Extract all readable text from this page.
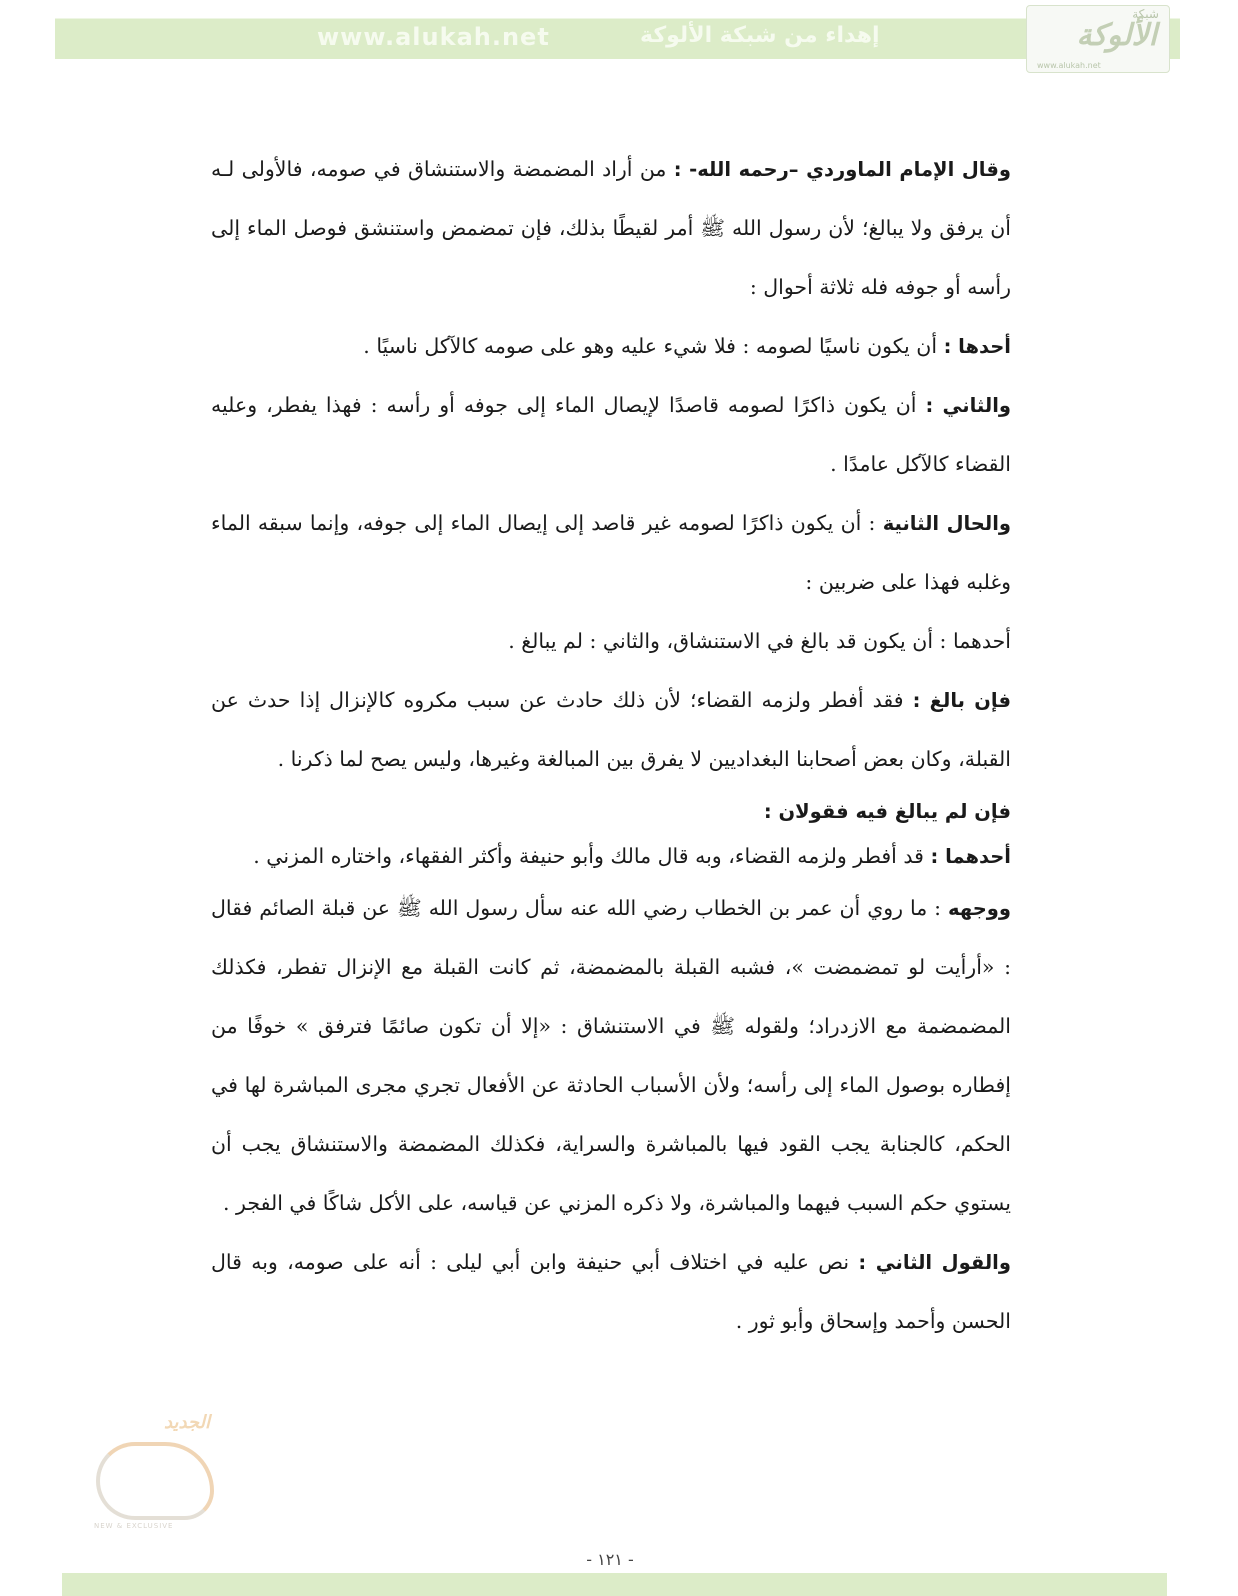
www.alukah.net	إهداء من شبكة الألوكة
شبكة
الألوكة
www.alukah.net

وقال الإمام الماوردي –رحمه الله- : من أراد المضمضة والاستنشاق في صومه، فالأولى لـه أن يرفق ولا يبالغ؛ لأن رسول الله ﷺ أمر لقيطًا بذلك، فإن تمضمض واستنشق فوصل الماء إلى رأسه أو جوفه فله ثلاثة أحوال :

أحدها : أن يكون ناسيًا لصومه : فلا شيء عليه وهو على صومه كالآكل ناسيًا .

والثاني : أن يكون ذاكرًا لصومه قاصدًا لإيصال الماء إلى جوفه أو رأسه : فهذا يفطر، وعليه القضاء كالآكل عامدًا .

والحال الثانية : أن يكون ذاكرًا لصومه غير قاصد إلى إيصال الماء إلى جوفه، وإنما سبقه الماء وغلبه فهذا على ضربين :

أحدهما : أن يكون قد بالغ في الاستنشاق، والثاني : لم يبالغ .

فإن بالغ : فقد أفطر ولزمه القضاء؛ لأن ذلك حادث عن سبب مكروه كالإنزال إذا حدث عن القبلة، وكان بعض أصحابنا البغداديين لا يفرق بين المبالغة وغيرها، وليس يصح لما ذكرنا .

فإن لم يبالغ فيه فقولان :

أحدهما : قد أفطر ولزمه القضاء، وبه قال مالك وأبو حنيفة وأكثر الفقهاء، واختاره المزني .

ووجهه : ما روي أن عمر بن الخطاب رضي الله عنه سأل رسول الله ﷺ عن قبلة الصائم فقال : «أرأيت لو تمضمضت »، فشبه القبلة بالمضمضة، ثم كانت القبلة مع الإنزال تفطر، فكذلك المضمضمة مع الازدراد؛ ولقوله ﷺ في الاستنشاق : «إلا أن تكون صائمًا فترفق » خوفًا من إفطاره بوصول الماء إلى رأسه؛ ولأن الأسباب الحادثة عن الأفعال تجري مجرى المباشرة لها في الحكم، كالجنابة يجب القود فيها بالمباشرة والسراية، فكذلك المضمضة والاستنشاق يجب أن يستوي حكم السبب فيهما والمباشرة، ولا ذكره المزني عن قياسه، على الأكل شاكًا في الفجر .

والقول الثاني : نص عليه في اختلاف أبي حنيفة وابن أبي ليلى : أنه على صومه، وبه قال الحسن وأحمد وإسحاق وأبو ثور .

الجديد
NEW & EXCLUSIVE
- ١٢١ -
